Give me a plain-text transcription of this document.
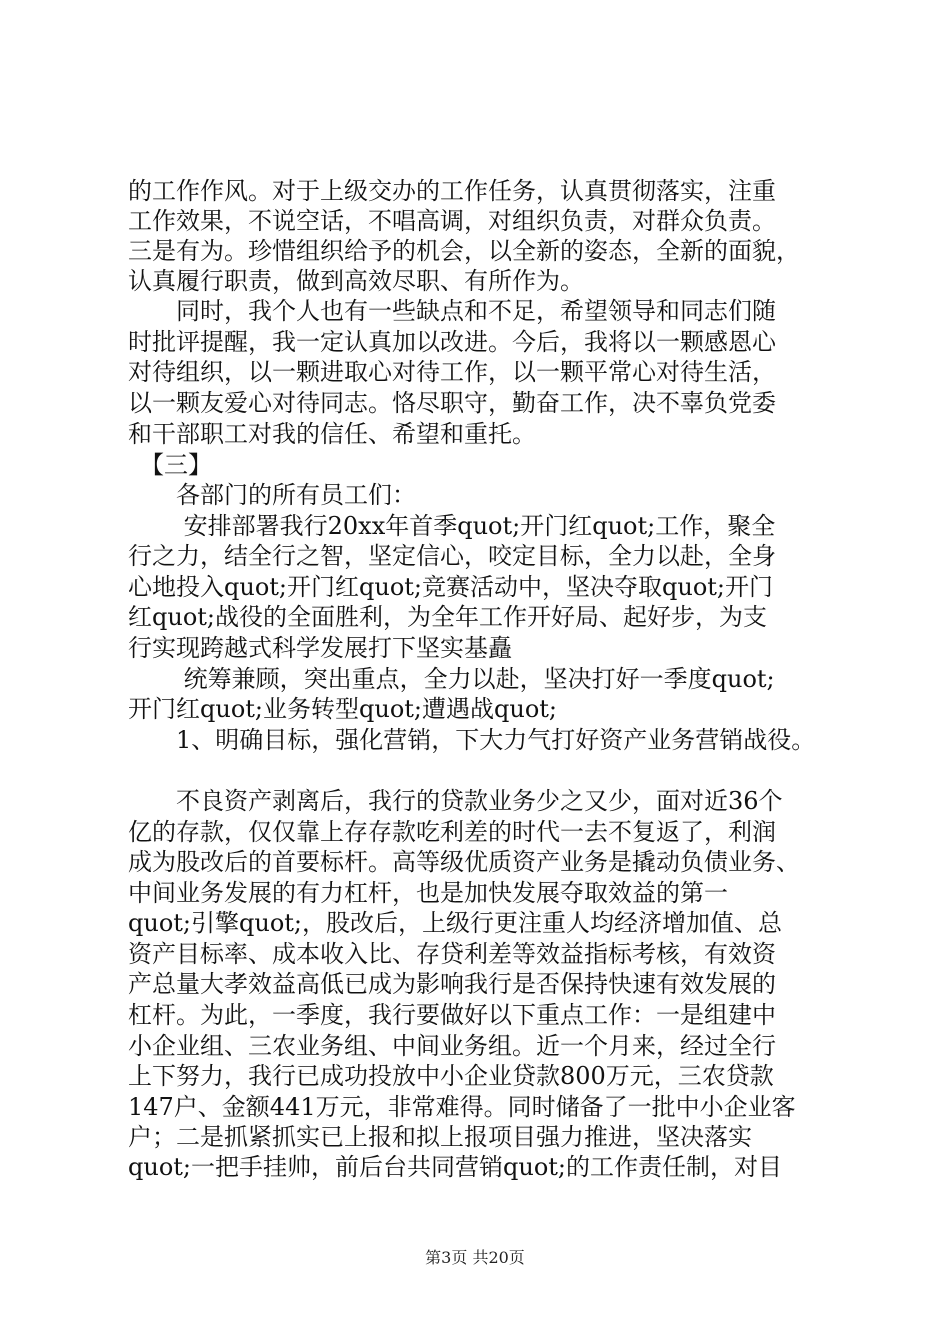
的工作作风。对于上级交办的工作任务，认真贯彻落实，注重

工作效果，不说空话，不唱高调，对组织负责，对群众负责。

三是有为。珍惜组织给予的机会，以全新的姿态，全新的面貌，

认真履行职责，做到高效尽职、有所作为。

　　同时，我个人也有一些缺点和不足，希望领导和同志们随

时批评提醒，我一定认真加以改进。今后，我将以一颗感恩心

对待组织，以一颗进取心对待工作，以一颗平常心对待生活，

以一颗友爱心对待同志。恪尽职守，勤奋工作，决不辜负党委

和干部职工对我的信任、希望和重托。

　【三】

　　各部门的所有员工们：

　　 安排部署我行20xx年首季quot;开门红quot;工作，聚全

行之力，结全行之智，坚定信心，咬定目标，全力以赴，全身

心地投入quot;开门红quot;竞赛活动中，坚决夺取quot;开门

红quot;战役的全面胜利，为全年工作开好局、起好步，为支

行实现跨越式科学发展打下坚实基矗

　　 统筹兼顾，突出重点，全力以赴，坚决打好一季度quot;

开门红quot;业务转型quot;遭遇战quot;

　　1、明确目标，强化营销，下大力气打好资产业务营销战役。

　　不良资产剥离后，我行的贷款业务少之又少，面对近36个

亿的存款，仅仅靠上存存款吃利差的时代一去不复返了，利润

成为股改后的首要标杆。高等级优质资产业务是撬动负债业务、

中间业务发展的有力杠杆，也是加快发展夺取效益的第一

quot;引擎quot;，股改后，上级行更注重人均经济增加值、总

资产目标率、成本收入比、存贷利差等效益指标考核，有效资

产总量大孝效益高低已成为影响我行是否保持快速有效发展的

杠杆。为此，一季度，我行要做好以下重点工作：一是组建中

小企业组、三农业务组、中间业务组。近一个月来，经过全行

上下努力，我行已成功投放中小企业贷款800万元，三农贷款

147户、金额441万元，非常难得。同时储备了一批中小企业客

户；二是抓紧抓实已上报和拟上报项目强力推进，坚决落实

quot;一把手挂帅，前后台共同营销quot;的工作责任制，对目

第3页 共20页
